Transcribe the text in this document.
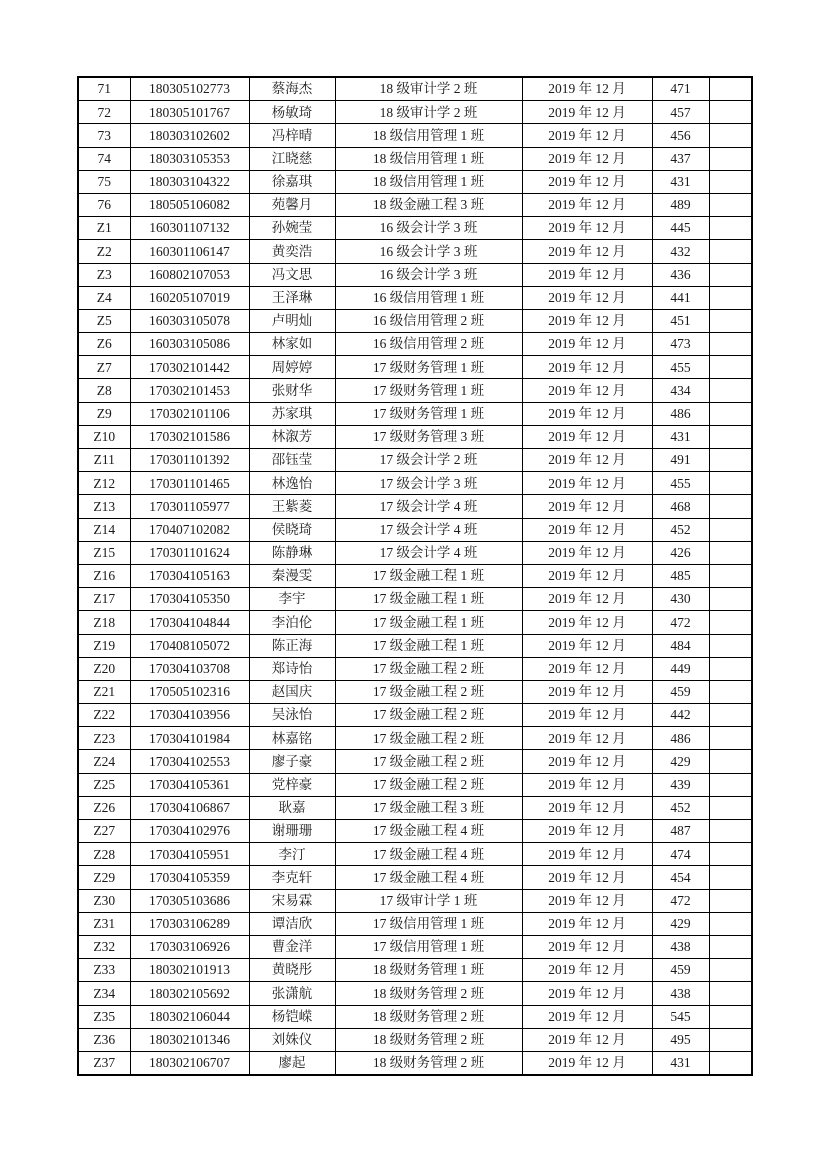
71	180305102773	蔡海杰	18 级审计学 2 班	2019 年 12 月	471	
72	180305101767	杨敏琦	18 级审计学 2 班	2019 年 12 月	457	
73	180303102602	冯梓晴	18 级信用管理 1 班	2019 年 12 月	456	
74	180303105353	江晓慈	18 级信用管理 1 班	2019 年 12 月	437	
75	180303104322	徐嘉琪	18 级信用管理 1 班	2019 年 12 月	431	
76	180505106082	苑馨月	18 级金融工程 3 班	2019 年 12 月	489	
Z1	160301107132	孙婉莹	16 级会计学 3 班	2019 年 12 月	445	
Z2	160301106147	黄奕浩	16 级会计学 3 班	2019 年 12 月	432	
Z3	160802107053	冯文思	16 级会计学 3 班	2019 年 12 月	436	
Z4	160205107019	王泽琳	16 级信用管理 1 班	2019 年 12 月	441	
Z5	160303105078	卢明灿	16 级信用管理 2 班	2019 年 12 月	451	
Z6	160303105086	林家如	16 级信用管理 2 班	2019 年 12 月	473	
Z7	170302101442	周婷婷	17 级财务管理 1 班	2019 年 12 月	455	
Z8	170302101453	张财华	17 级财务管理 1 班	2019 年 12 月	434	
Z9	170302101106	苏家琪	17 级财务管理 1 班	2019 年 12 月	486	
Z10	170302101586	林溆芳	17 级财务管理 3 班	2019 年 12 月	431	
Z11	170301101392	邵钰莹	17 级会计学 2 班	2019 年 12 月	491	
Z12	170301101465	林逸怡	17 级会计学 3 班	2019 年 12 月	455	
Z13	170301105977	王紫菱	17 级会计学 4 班	2019 年 12 月	468	
Z14	170407102082	侯晓琦	17 级会计学 4 班	2019 年 12 月	452	
Z15	170301101624	陈静琳	17 级会计学 4 班	2019 年 12 月	426	
Z16	170304105163	秦漫雯	17 级金融工程 1 班	2019 年 12 月	485	
Z17	170304105350	李宇	17 级金融工程 1 班	2019 年 12 月	430	
Z18	170304104844	李泊伦	17 级金融工程 1 班	2019 年 12 月	472	
Z19	170408105072	陈正海	17 级金融工程 1 班	2019 年 12 月	484	
Z20	170304103708	郑诗怡	17 级金融工程 2 班	2019 年 12 月	449	
Z21	170505102316	赵国庆	17 级金融工程 2 班	2019 年 12 月	459	
Z22	170304103956	吴泳怡	17 级金融工程 2 班	2019 年 12 月	442	
Z23	170304101984	林嘉铭	17 级金融工程 2 班	2019 年 12 月	486	
Z24	170304102553	廖子豪	17 级金融工程 2 班	2019 年 12 月	429	
Z25	170304105361	党梓豪	17 级金融工程 2 班	2019 年 12 月	439	
Z26	170304106867	耿嘉	17 级金融工程 3 班	2019 年 12 月	452	
Z27	170304102976	谢珊珊	17 级金融工程 4 班	2019 年 12 月	487	
Z28	170304105951	李汀	17 级金融工程 4 班	2019 年 12 月	474	
Z29	170304105359	李克轩	17 级金融工程 4 班	2019 年 12 月	454	
Z30	170305103686	宋易霖	17 级审计学 1 班	2019 年 12 月	472	
Z31	170303106289	谭洁欣	17 级信用管理 1 班	2019 年 12 月	429	
Z32	170303106926	曹金洋	17 级信用管理 1 班	2019 年 12 月	438	
Z33	180302101913	黄晓彤	18 级财务管理 1 班	2019 年 12 月	459	
Z34	180302105692	张潇航	18 级财务管理 2 班	2019 年 12 月	438	
Z35	180302106044	杨铠嵘	18 级财务管理 2 班	2019 年 12 月	545	
Z36	180302101346	刘姝仪	18 级财务管理 2 班	2019 年 12 月	495	
Z37	180302106707	廖起	18 级财务管理 2 班	2019 年 12 月	431	
